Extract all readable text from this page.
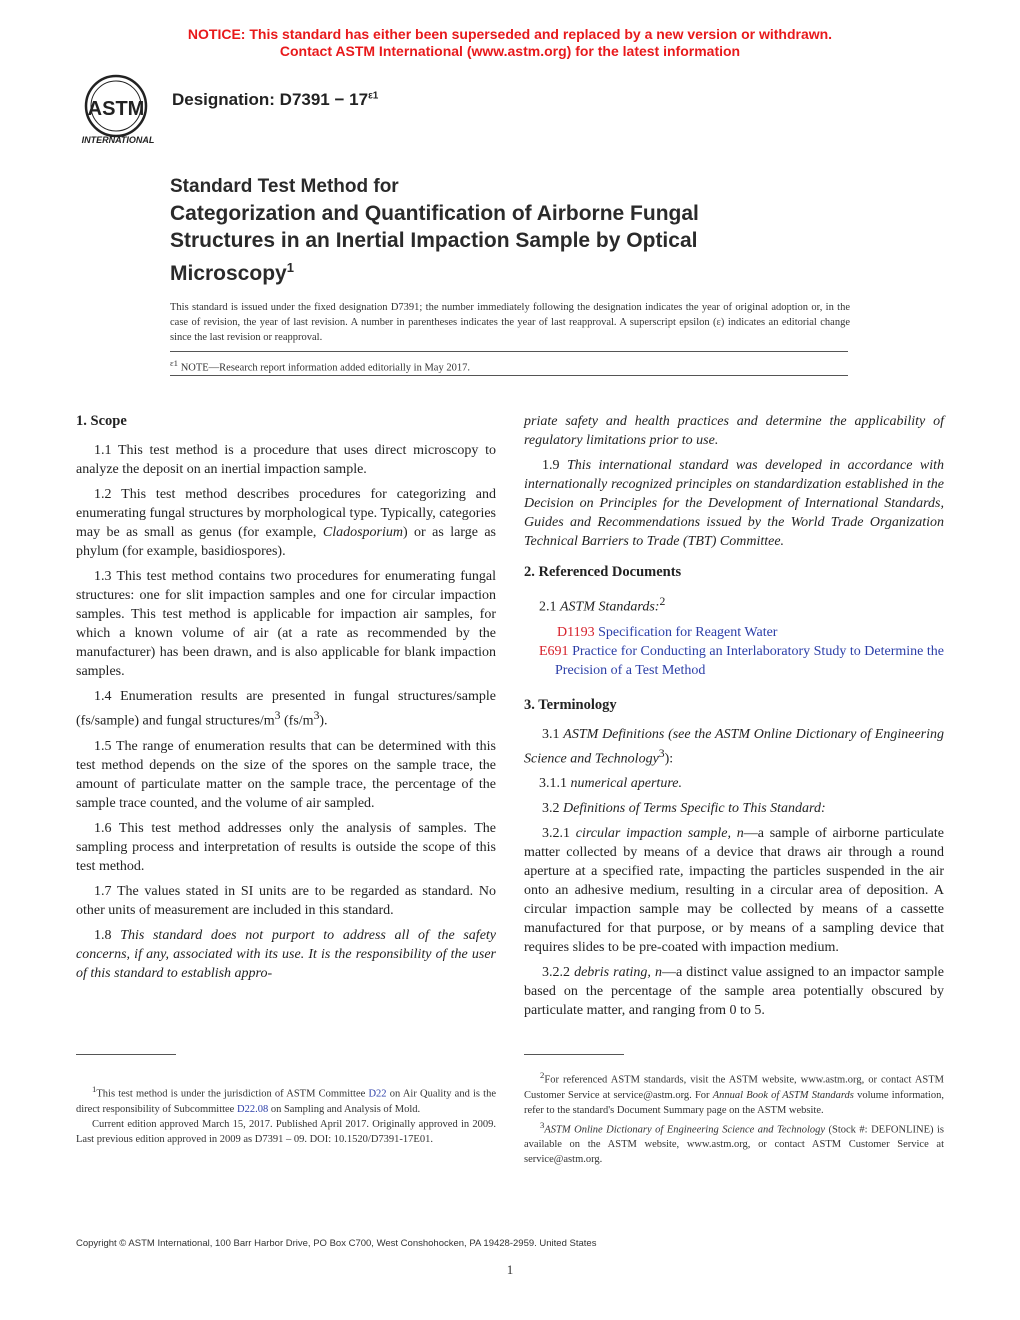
NOTICE: This standard has either been superseded and replaced by a new version or withdrawn.
Contact ASTM International (www.astm.org) for the latest information
ASTM
INTERNATIONAL
Designation: $D7391 - 17^{\varepsilon 1}$
Standard Test Method for
Categorization and Quantification of Airborne Fungal
Structures in an Inertial Impaction Sample by Optical
Microscopy$^1$
This standard is issued under the fixed designation D7391; the number immediately following the designation indicates the year of original adoption or, in the case of revision, the year of last revision. A number in parentheses indicates the year of last reapproval. A superscript epsilon (ε) indicates an editorial change since the last revision or reapproval.
$^{\varepsilon 1}$ NOTE—Research report information added editorially in May 2017.
1. Scope

1.1 This test method is a procedure that uses direct microscopy to analyze the deposit on an inertial impaction sample.

1.2 This test method describes procedures for categorizing and enumerating fungal structures by morphological type. Typically, categories may be as small as genus (for example, Cladosporium) or as large as phylum (for example, basidiospores).

1.3 This test method contains two procedures for enumerating fungal structures: one for slit impaction samples and one for circular impaction samples. This test method is applicable for impaction air samples, for which a known volume of air (at a rate as recommended by the manufacturer) has been drawn, and is also applicable for blank impaction samples.

1.4 Enumeration results are presented in fungal structures/sample (fs/sample) and fungal structures/$m^3$ $(fs/m^3)$.

1.5 The range of enumeration results that can be determined with this test method depends on the size of the spores on the sample trace, the amount of particulate matter on the sample trace, the percentage of the sample trace counted, and the volume of air sampled.

1.6 This test method addresses only the analysis of samples. The sampling process and interpretation of results is outside the scope of this test method.

1.7 The values stated in SI units are to be regarded as standard. No other units of measurement are included in this standard.

1.8 This standard does not purport to address all of the safety concerns, if any, associated with its use. It is the responsibility of the user of this standard to establish appro-

priate safety and health practices and determine the applicability of regulatory limitations prior to use.

1.9 This international standard was developed in accordance with internationally recognized principles on standardization established in the Decision on Principles for the Development of International Standards, Guides and Recommendations issued by the World Trade Organization Technical Barriers to Trade (TBT) Committee.

2. Referenced Documents

2.1 ASTM Standards:$^2$

D1193 Specification for Reagent Water

E691 Practice for Conducting an Interlaboratory Study to Determine the Precision of a Test Method

3. Terminology

3.1 ASTM Definitions (see the ASTM Online Dictionary of Engineering Science and Technology$^3$):

3.1.1 numerical aperture.

3.2 Definitions of Terms Specific to This Standard:

3.2.1 circular impaction sample, n—a sample of airborne particulate matter collected by means of a device that draws air through a round aperture at a specified rate, impacting the particles suspended in the air onto an adhesive medium, resulting in a circular area of deposition. A circular impaction sample may be collected by means of a cassette manufactured for that purpose, or by means of a sampling device that requires slides to be pre-coated with impaction medium.

3.2.2 debris rating, n—a distinct value assigned to an impactor sample based on the percentage of the sample area potentially obscured by particulate matter, and ranging from 0 to 5.

$^1$This test method is under the jurisdiction of ASTM Committee D22 on Air Quality and is the direct responsibility of Subcommittee D22.08 on Sampling and Analysis of Mold.

Current edition approved March 15, 2017. Published April 2017. Originally approved in 2009. Last previous edition approved in 2009 as D7391 – 09. DOI: 10.1520/D7391-17E01.

$^2$For referenced ASTM standards, visit the ASTM website, www.astm.org, or contact ASTM Customer Service at service@astm.org. For Annual Book of ASTM Standards volume information, refer to the standard's Document Summary page on the ASTM website.

$^3$ASTM Online Dictionary of Engineering Science and Technology (Stock #: DEFONLINE) is available on the ASTM website, www.astm.org, or contact ASTM Customer Service at service@astm.org.

Copyright © ASTM International, 100 Barr Harbor Drive, PO Box C700, West Conshohocken, PA 19428-2959. United States
1
